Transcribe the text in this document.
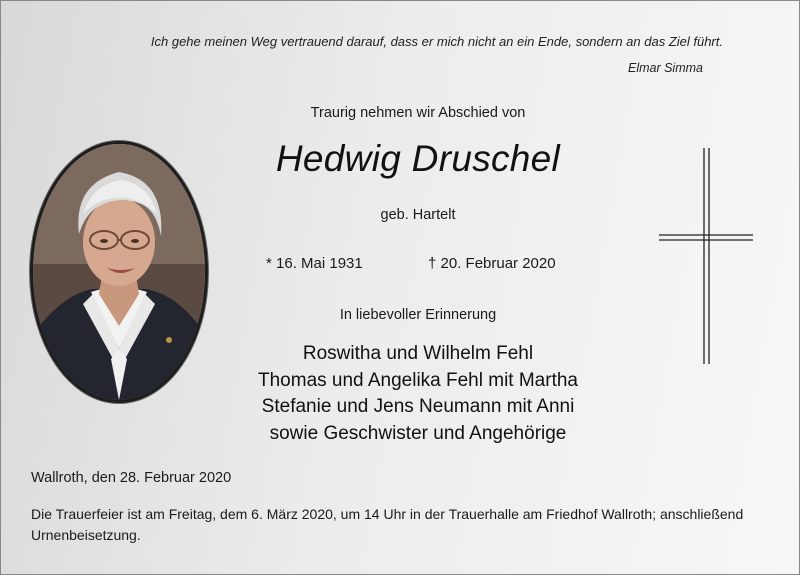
Ich gehe meinen Weg vertrauend darauf, dass er mich nicht an ein Ende, sondern an das Ziel führt.
Elmar Simma
Traurig nehmen wir Abschied von
Hedwig Druschel
geb. Hartelt
* 16. Mai 1931	† 20. Februar 2020
In liebevoller Erinnerung
Roswitha und Wilhelm Fehl
Thomas und Angelika Fehl mit Martha
Stefanie und Jens Neumann mit Anni
sowie Geschwister und Angehörige
Wallroth, den 28. Februar 2020
Die Trauerfeier ist am Freitag, dem 6. März 2020, um 14 Uhr in der Trauerhalle am Friedhof Wallroth; anschließend Urnenbeisetzung.
